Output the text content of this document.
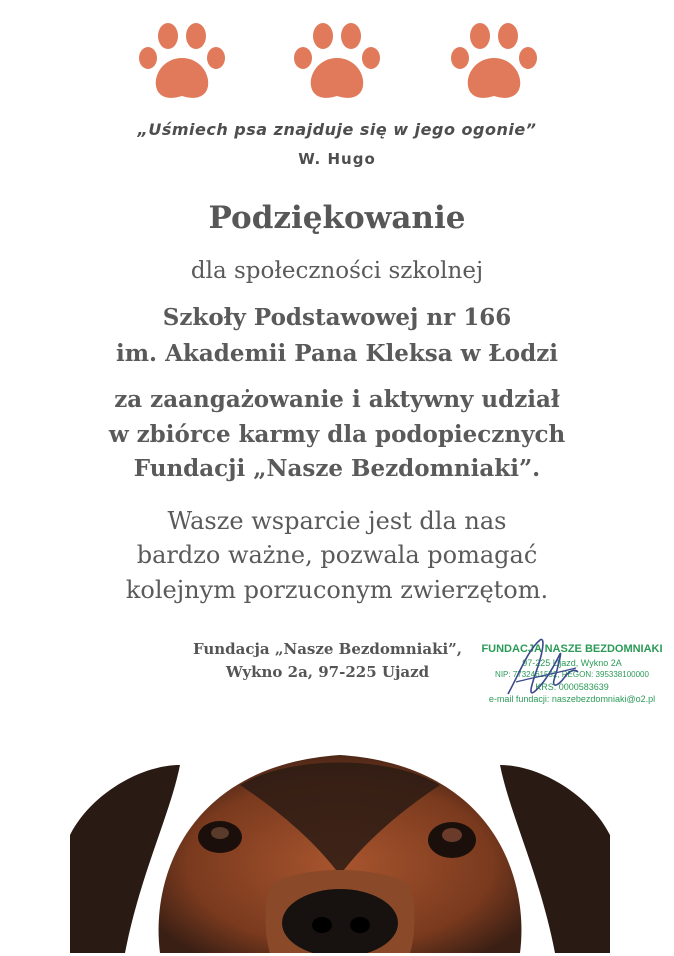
„Uśmiech psa znajduje się w jego ogonie”
W. Hugo
Podziękowanie
dla społeczności szkolnej
Szkoły Podstawowej nr 166
im. Akademii Pana Kleksa w Łodzi
za zaangażowanie i aktywny udział
w zbiórce karmy dla podopiecznych
Fundacji „Nasze Bezdomniaki”.
Wasze wsparcie jest dla nas
bardzo ważne, pozwala pomagać
kolejnym porzuconym zwierzętom.
Fundacja „Nasze Bezdomniaki”,
Wykno 2a, 97-225 Ujazd
FUNDACJA NASZE BEZDOMNIAKI
97-225 Ujazd, Wykno 2A
NIP: 7732461532, REGON: 395338100000
KRS: 0000583639
e-mail fundacji: naszebezdomniaki@o2.pl
